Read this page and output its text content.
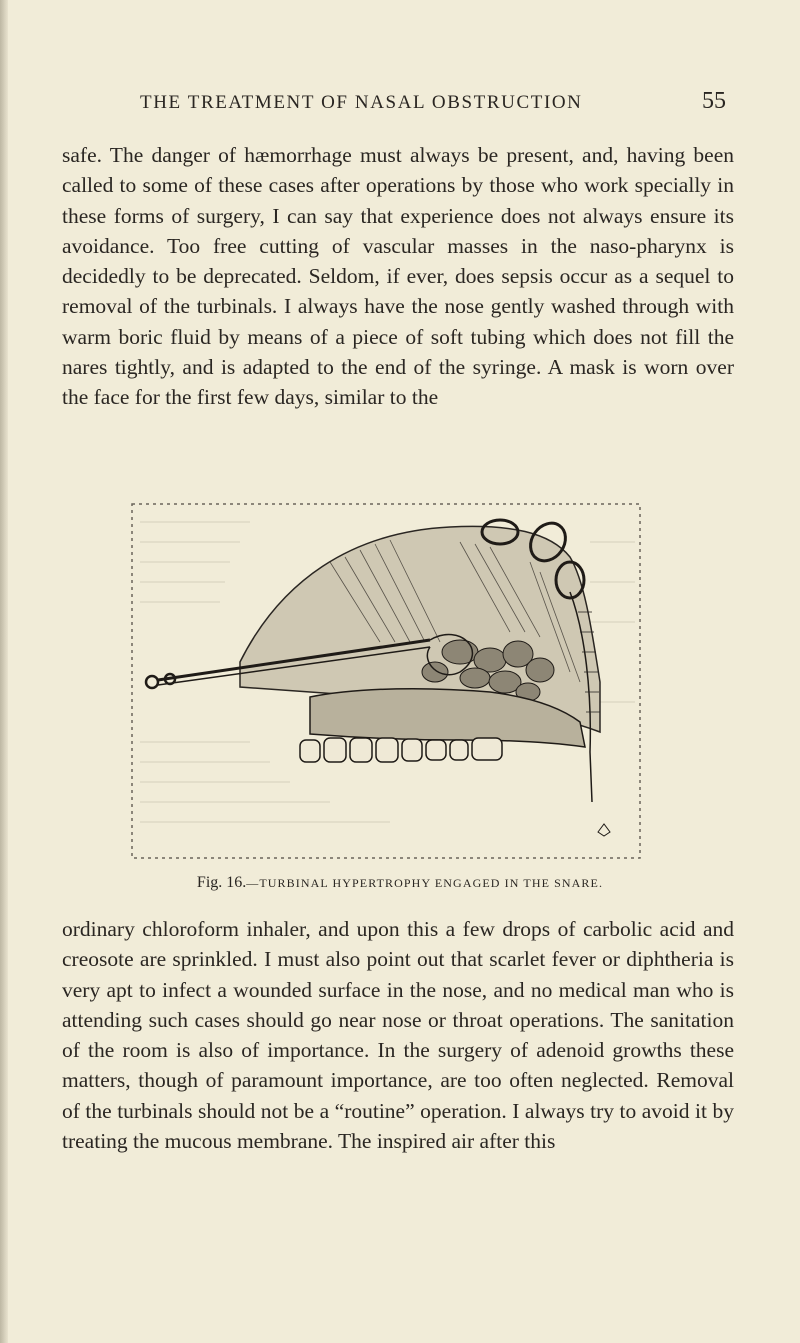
THE TREATMENT OF NASAL OBSTRUCTION	55

safe. The danger of hæmorrhage must always be present, and, having been called to some of these cases after operations by those who work specially in these forms of surgery, I can say that experience does not always ensure its avoidance. Too free cutting of vascular masses in the naso-pharynx is decidedly to be deprecated. Seldom, if ever, does sepsis occur as a sequel to removal of the turbinals. I always have the nose gently washed through with warm boric fluid by means of a piece of soft tubing which does not fill the nares tightly, and is adapted to the end of the syringe. A mask is worn over the face for the first few days, similar to the

Fig. 16.—TURBINAL HYPERTROPHY ENGAGED IN THE SNARE.

ordinary chloroform inhaler, and upon this a few drops of carbolic acid and creosote are sprinkled. I must also point out that scarlet fever or diphtheria is very apt to infect a wounded surface in the nose, and no medical man who is attending such cases should go near nose or throat operations. The sanitation of the room is also of importance. In the surgery of adenoid growths these matters, though of paramount importance, are too often neglected. Removal of the turbinals should not be a “routine” operation. I always try to avoid it by treating the mucous membrane. The inspired air after this
